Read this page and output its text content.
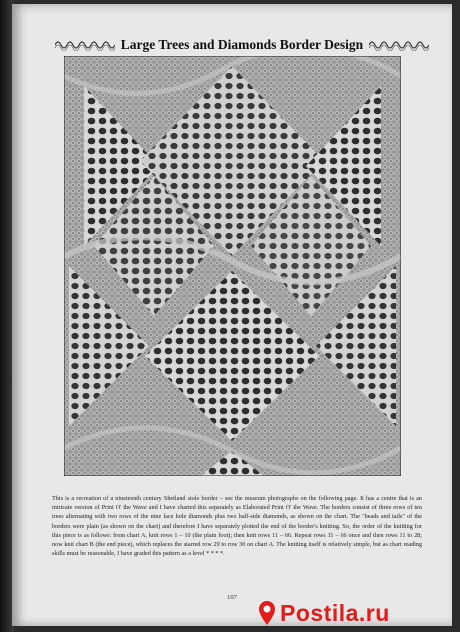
Large Trees and Diamonds Border Design
This is a recreation of a nineteenth century Shetland stole border – see the museum photographs on the following page. It has a centre that is an intricate version of Print O' the Wave and I have charted this separately as Elaborated Print O' the Wave. The borders consist of three rows of ten trees alternating with two rows of the nine lace hole diamonds plus two half-side diamonds, as shown on the chart. The "heads and tails" of the borders were plain (as shown on the chart) and therefore I have separately plotted the end of the border's knitting. So, the order of the knitting for this piece is as follows: from chart A, knit rows 1 – 10 (the plain foot); then knit rows 11 – 66. Repeat rows 11 – 66 once and then rows 11 to 28; now knit chart B (the end piece), which replaces the starred row 29 to row 30 on chart A. The knitting itself is relatively simple, but as chart reading skills must be reasonable, I have graded this pattern as a level * * * *.
107
Postila.ru
